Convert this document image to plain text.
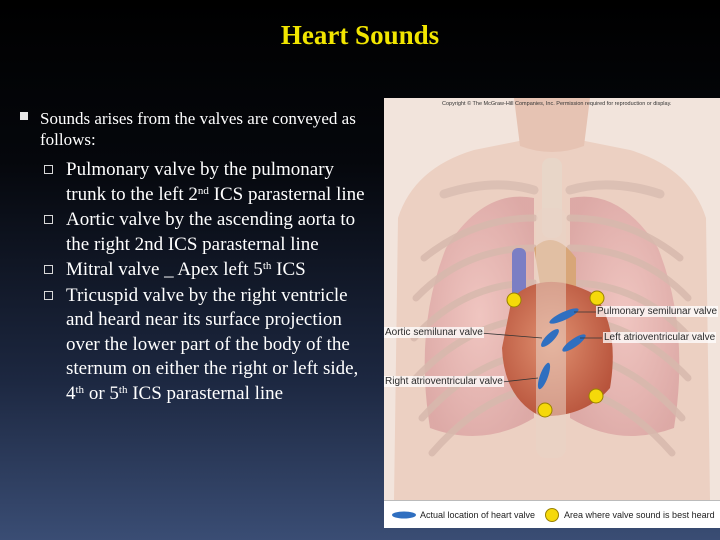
Heart Sounds
Sounds arises from the valves are conveyed as follows:
Pulmonary valve by the pulmonary trunk to the left 2nd ICS parasternal line
Aortic valve by the ascending aorta to the right 2nd ICS parasternal line
Mitral valve _ Apex left 5th ICS
Tricuspid valve by the right ventricle and heard near its surface projection over the lower part of the body of the sternum on either the right or left side, 4th or 5th ICS parasternal line
Copyright © The McGraw-Hill Companies, Inc. Permission required for reproduction or display.
Pulmonary semilunar valve
Aortic semilunar valve	Left atrioventricular valve
Right atrioventricular valve
Actual location of heart valve	Area where valve sound is best heard
